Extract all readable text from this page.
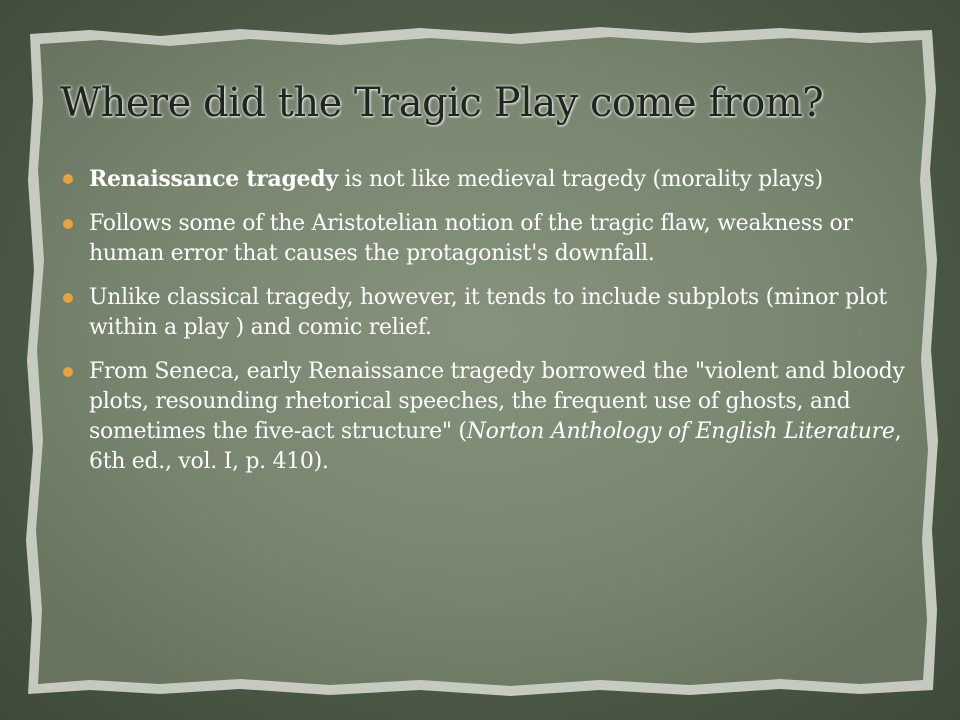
Where did the Tragic Play come from?
Renaissance tragedy is not like medieval tragedy (morality plays)
Follows some of the Aristotelian notion of the tragic flaw, weakness or human error that causes the protagonist's downfall.
Unlike classical tragedy, however, it tends to include subplots (minor plot within a play ) and comic relief.
From Seneca, early Renaissance tragedy borrowed the "violent and bloody plots, resounding rhetorical speeches, the frequent use of ghosts, and sometimes the five-act structure" (Norton Anthology of English Literature, 6th ed., vol. I, p. 410).
